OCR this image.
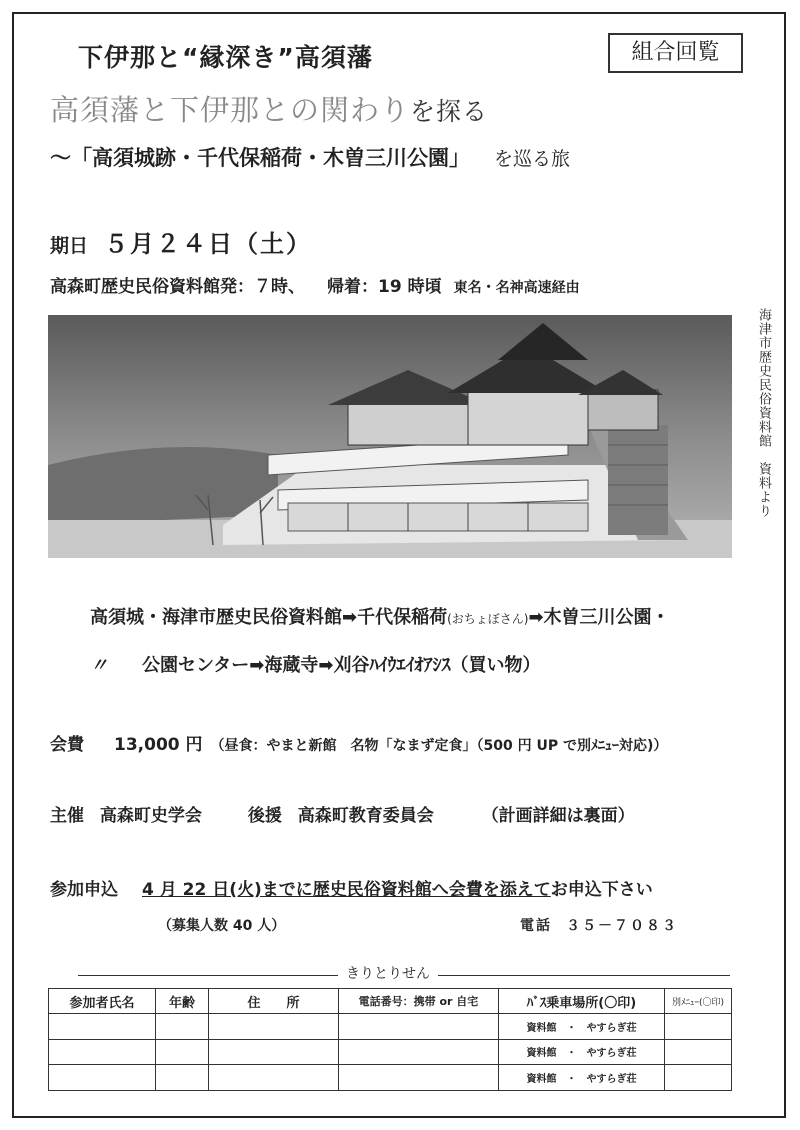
下伊那と“縁深き”高須藩	組合回覧
高須藩と下伊那との関わりを探る
～「高須城跡・千代保稲荷・木曽三川公園」 を巡る旅
期日 ５月２４日（土）
高森町歴史民俗資料館発：７時、 帰着：19 時頃 東名・名神高速経由
海津市歴史民俗資料館　資料より
高須城・海津市歴史民俗資料館➡千代保稲荷(おちょぼさん)➡木曽三川公園・
〃 公園センター➡海蔵寺➡刈谷ﾊｲｳｴｲｵｱｼｽ（買い物）
会費 13,000 円 （昼食：やまと新館　名物「なまず定食」（500 円 UP で別ﾒﾆｭｰ対応)）
主催 高森町史学会	後援 高森町教育委員会	（計画詳細は裏面）
参加申込 4 月 22 日(火)までに歴史民俗資料館へ会費を添えてお申込下さい
（募集人数 40 人）	電話 ３５－７０８３
きりとりせん
参加者氏名	年齢	住　　所	電話番号：携帯 or 自宅	ﾊﾞｽ乗車場所(〇印)	別ﾒﾆｭｰ(〇印)
				資料館　・　やすらぎ荘	
				資料館　・　やすらぎ荘	
				資料館　・　やすらぎ荘	
